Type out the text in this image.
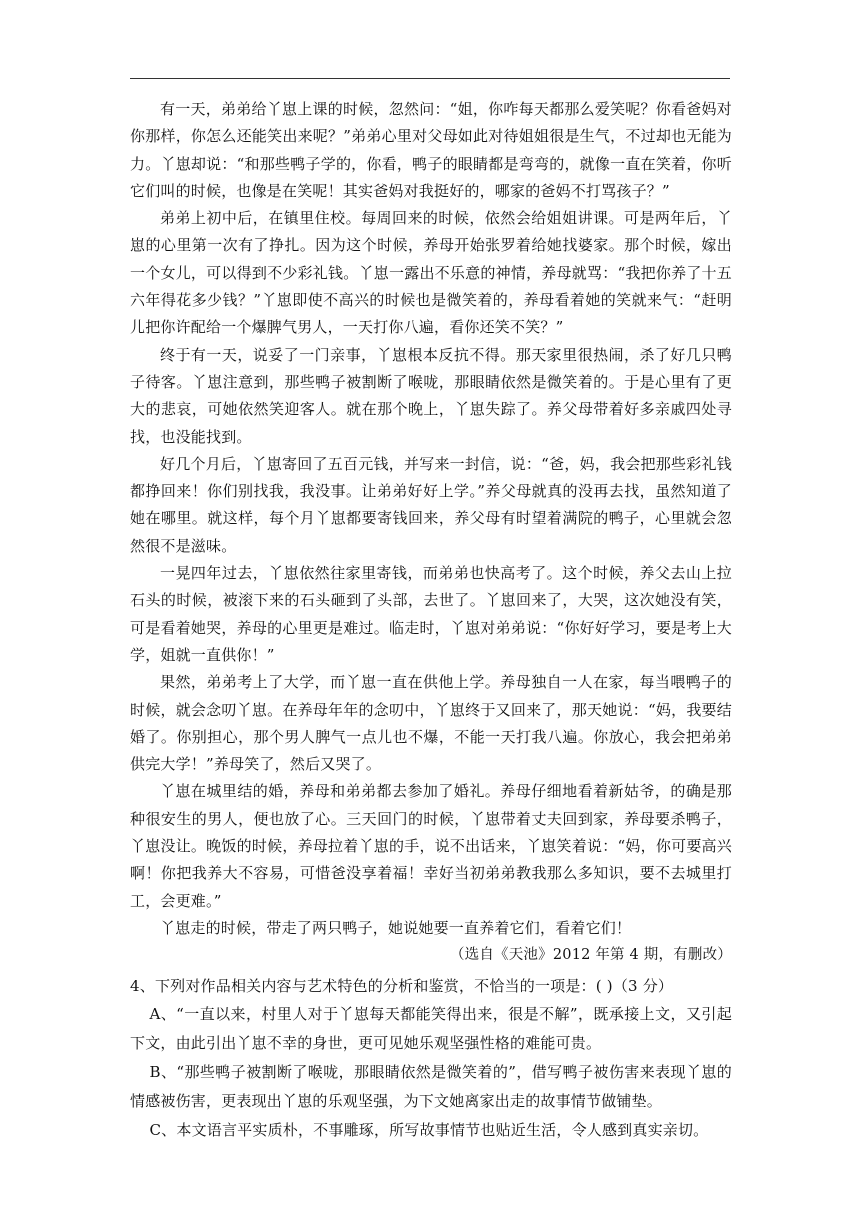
有一天，弟弟给丫崽上课的时候，忽然问：“姐，你咋每天都那么爱笑呢？你看爸妈对你那样，你怎么还能笑出来呢？”弟弟心里对父母如此对待姐姐很是生气，不过却也无能为力。丫崽却说：“和那些鸭子学的，你看，鸭子的眼睛都是弯弯的，就像一直在笑着，你听它们叫的时候，也像是在笑呢！其实爸妈对我挺好的，哪家的爸妈不打骂孩子？”

弟弟上初中后，在镇里住校。每周回来的时候，依然会给姐姐讲课。可是两年后，丫崽的心里第一次有了挣扎。因为这个时候，养母开始张罗着给她找婆家。那个时候，嫁出一个女儿，可以得到不少彩礼钱。丫崽一露出不乐意的神情，养母就骂：“我把你养了十五六年得花多少钱？”丫崽即使不高兴的时候也是微笑着的，养母看着她的笑就来气：“赶明儿把你许配给一个爆脾气男人，一天打你八遍，看你还笑不笑？”

终于有一天，说妥了一门亲事，丫崽根本反抗不得。那天家里很热闹，杀了好几只鸭子待客。丫崽注意到，那些鸭子被割断了喉咙，那眼睛依然是微笑着的。于是心里有了更大的悲哀，可她依然笑迎客人。就在那个晚上，丫崽失踪了。养父母带着好多亲戚四处寻找，也没能找到。

好几个月后，丫崽寄回了五百元钱，并写来一封信，说：“爸，妈，我会把那些彩礼钱都挣回来！你们别找我，我没事。让弟弟好好上学。”养父母就真的没再去找，虽然知道了她在哪里。就这样，每个月丫崽都要寄钱回来，养父母有时望着满院的鸭子，心里就会忽然很不是滋味。

一晃四年过去，丫崽依然往家里寄钱，而弟弟也快高考了。这个时候，养父去山上拉石头的时候，被滚下来的石头砸到了头部，去世了。丫崽回来了，大哭，这次她没有笑，可是看着她哭，养母的心里更是难过。临走时，丫崽对弟弟说：“你好好学习，要是考上大学，姐就一直供你！”

果然，弟弟考上了大学，而丫崽一直在供他上学。养母独自一人在家，每当喂鸭子的时候，就会念叨丫崽。在养母年年的念叨中，丫崽终于又回来了，那天她说：“妈，我要结婚了。你别担心，那个男人脾气一点儿也不爆，不能一天打我八遍。你放心，我会把弟弟供完大学！”养母笑了，然后又哭了。

丫崽在城里结的婚，养母和弟弟都去参加了婚礼。养母仔细地看着新姑爷，的确是那种很安生的男人，便也放了心。三天回门的时候，丫崽带着丈夫回到家，养母要杀鸭子，丫崽没让。晚饭的时候，养母拉着丫崽的手，说不出话来，丫崽笑着说：“妈，你可要高兴啊！你把我养大不容易，可惜爸没享着福！幸好当初弟弟教我那么多知识，要不去城里打工，会更难。”

丫崽走的时候，带走了两只鸭子，她说她要一直养着它们，看着它们！

（选自《天池》2012 年第 4 期，有删改）

4、下列对作品相关内容与艺术特色的分析和鉴赏，不恰当的一项是：( )（3 分）

A、“一直以来，村里人对于丫崽每天都能笑得出来，很是不解”，既承接上文，又引起下文，由此引出丫崽不幸的身世，更可见她乐观坚强性格的难能可贵。

B、“那些鸭子被割断了喉咙，那眼睛依然是微笑着的”，借写鸭子被伤害来表现丫崽的情感被伤害，更表现出丫崽的乐观坚强，为下文她离家出走的故事情节做铺垫。

C、本文语言平实质朴，不事雕琢，所写故事情节也贴近生活，令人感到真实亲切。
